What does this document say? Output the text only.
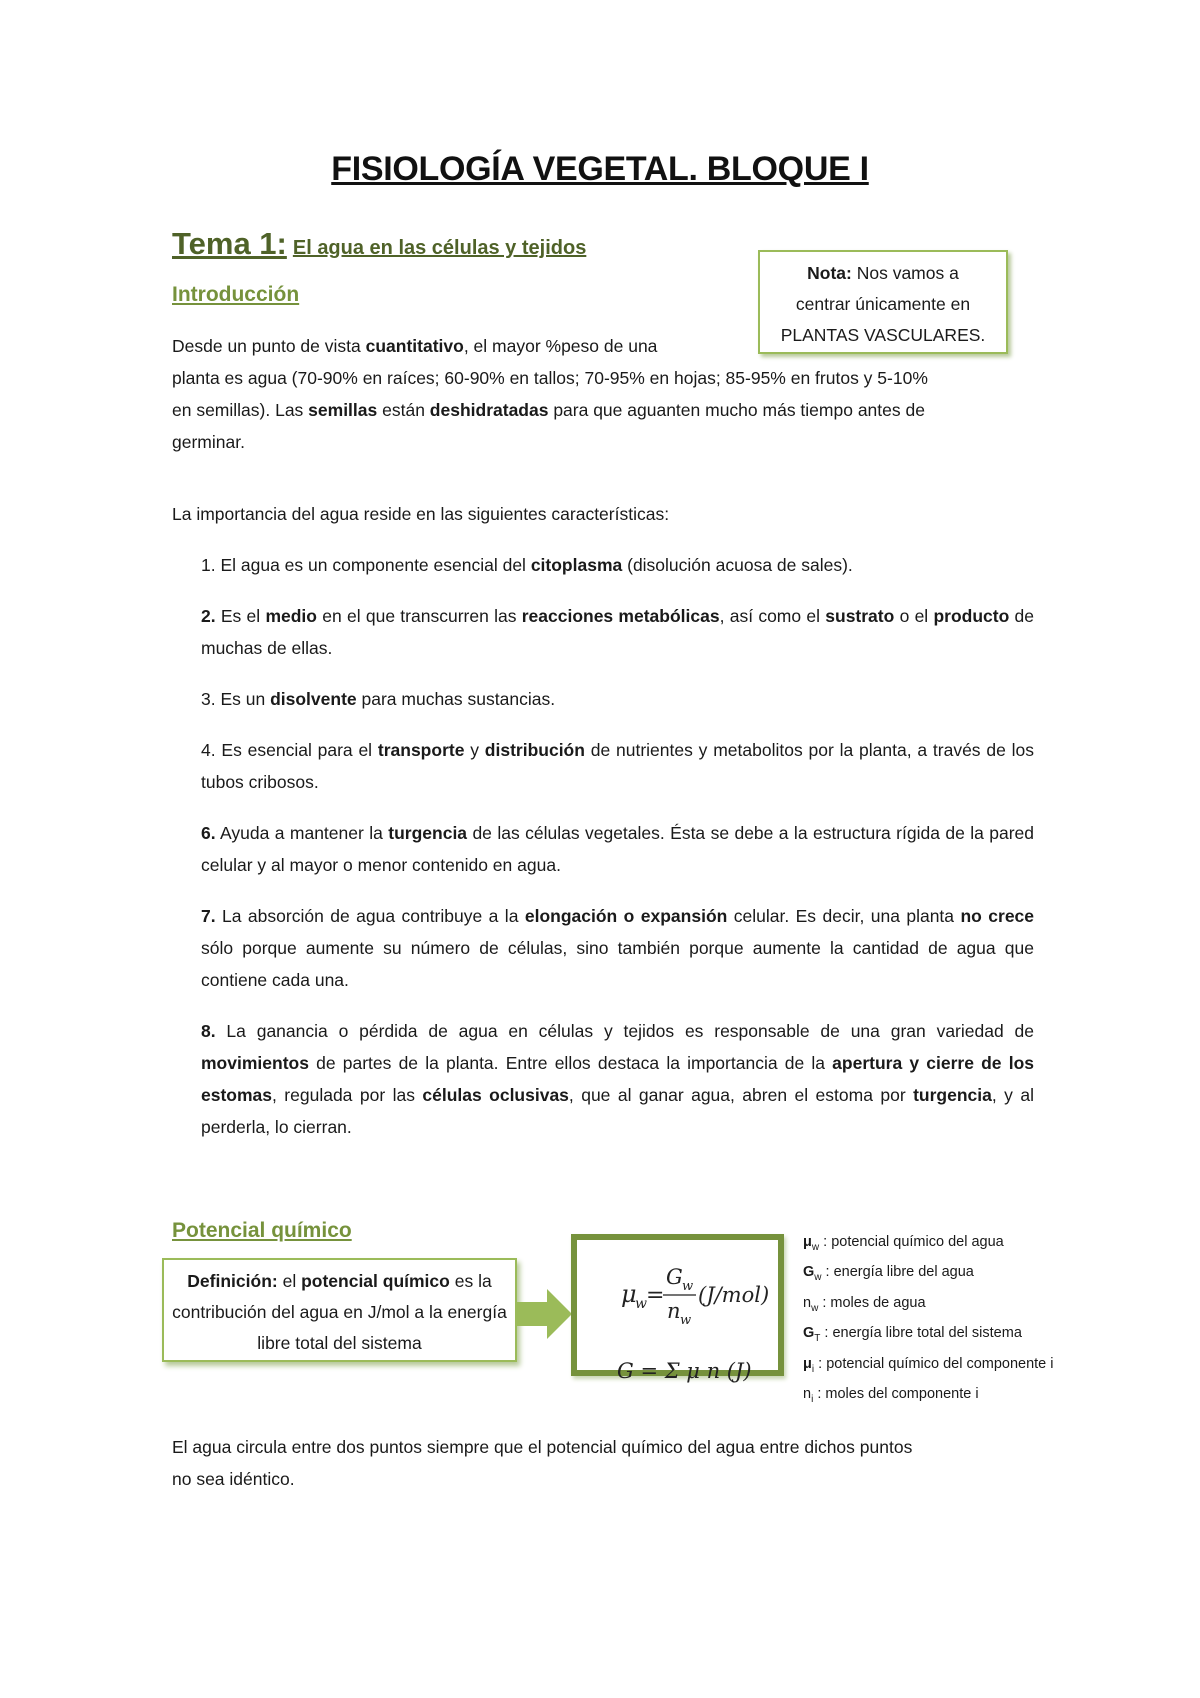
FISIOLOGÍA VEGETAL. BLOQUE I
Tema 1: El agua en las células y tejidos
Nota: Nos vamos a
centrar únicamente en
PLANTAS VASCULARES.
Introducción
Desde un punto de vista cuantitativo, el mayor %peso de una
planta es agua (70-90% en raíces; 60-90% en tallos; 70-95% en hojas; 85-95% en frutos y 5-10%
en semillas). Las semillas están deshidratadas para que aguanten mucho más tiempo antes de
germinar.
La importancia del agua reside en las siguientes características:
1. El agua es un componente esencial del citoplasma (disolución acuosa de sales).
2. Es el medio en el que transcurren las reacciones metabólicas, así como el sustrato o el producto de muchas de ellas.
3. Es un disolvente para muchas sustancias.
4. Es esencial para el transporte y distribución de nutrientes y metabolitos por la planta, a través de los tubos cribosos.
6. Ayuda a mantener la turgencia de las células vegetales. Ésta se debe a la estructura rígida de la pared celular y al mayor o menor contenido en agua.
7. La absorción de agua contribuye a la elongación o expansión celular. Es decir, una planta no crece sólo porque aumente su número de células, sino también porque aumente la cantidad de agua que contiene cada una.
8. La ganancia o pérdida de agua en células y tejidos es responsable de una gran variedad de movimientos de partes de la planta. Entre ellos destaca la importancia de la apertura y cierre de los estomas, regulada por las células oclusivas, que al ganar agua, abren el estoma por turgencia, y al perderla, lo cierran.
Potencial químico
Definición: el potencial químico es la contribución del agua en J/mol a la energía libre total del sistema
μ
w =
G w
n w
(J/mol)
G = Σ μ n (J)
$\mu_w$ : potencial químico del agua
$G_w$ : energía libre del agua
$n_w$ : moles de agua
$G_T$ : energía libre total del sistema
$\mu_i$ : potencial químico del componente i
$n_i$ : moles del componente i
El agua circula entre dos puntos siempre que el potencial químico del agua entre dichos puntos
no sea idéntico.
